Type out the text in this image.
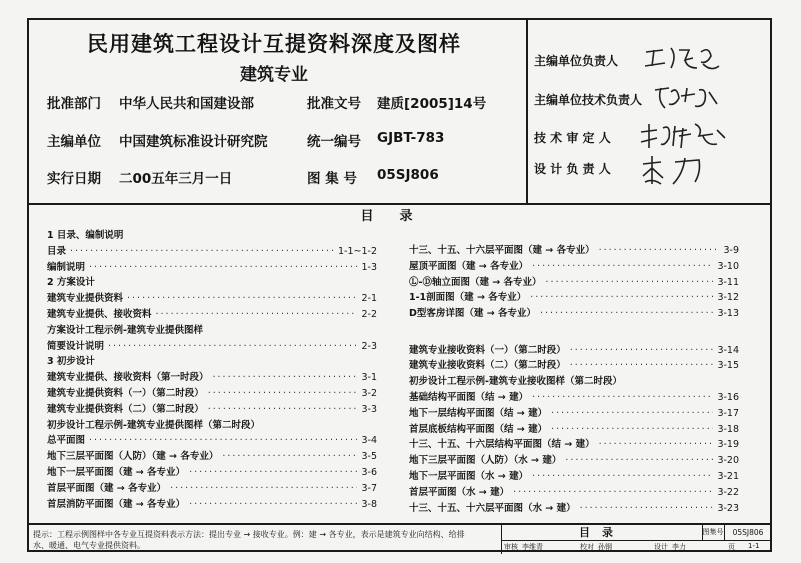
民用建筑工程设计互提资料深度及图样
建筑专业
批准部门 中华人民共和国建设部	批准文号 建质[2005]14号
主编单位 中国建筑标准设计研究院	统一编号 GJBT-783
实行日期 二00五年三月一日	图 集 号 05SJ806
主编单位负责人
主编单位技术负责人
技 术 审 定 人
设 计 负 责 人
目录
1 目录、编制说明
目录 ·····	1-1~1-2
编制说明 ·····	1-3
2 方案设计
建筑专业提供资料 ·····	2-1
建筑专业提供、接收资料 ·····	2-2
方案设计工程示例-建筑专业提供图样
简要设计说明 ·····	2-3
3 初步设计
建筑专业提供、接收资料（第一时段） ·····	3-1
建筑专业提供资料（一）（第二时段） ·····	3-2
建筑专业提供资料（二）（第二时段） ·····	3-3
初步设计工程示例-建筑专业提供图样（第二时段）
总平面图 ·····	3-4
地下三层平面图（人防）（建 → 各专业） ·····	3-5
地下一层平面图（建 → 各专业） ·····	3-6
首层平面图（建 → 各专业） ·····	3-7
首层消防平面图（建 → 各专业） ·····	3-8
十三、十五、十六层平面图（建 → 各专业） ·····	3-9
屋顶平面图（建 → 各专业） ·····	3-10
Ⓛ-Ⓓ轴立面图（建 → 各专业） ·····	3-11
1-1剖面图（建 → 各专业） ·····	3-12
D型客房详图（建 → 各专业） ·····	3-13
建筑专业接收资料（一）（第二时段） ·····	3-14
建筑专业接收资料（二）（第二时段） ·····	3-15
初步设计工程示例-建筑专业接收图样（第二时段）
基础结构平面图（结 → 建） ·····	3-16
地下一层结构平面图（结 → 建） ·····	3-17
首层底板结构平面图（结 → 建） ·····	3-18
十三、十五、十六层结构平面图（结 → 建） ·····	3-19
地下三层平面图（人防）（水 → 建） ·····	3-20
地下一层平面图（水 → 建） ·····	3-21
首层平面图（水 → 建） ·····	3-22
十三、十五、十六层平面图（水 → 建） ·····	3-23
提示：工程示例图样中各专业互提资料表示方法：提出专业 → 接收专业。例：建 → 各专业，表示是建筑专业向结构、给排水、暖通、电气专业提供资料。
目录	图集号	05SJ806
审核 李维青	校对 孙钢	设计 李力	页 1-1
